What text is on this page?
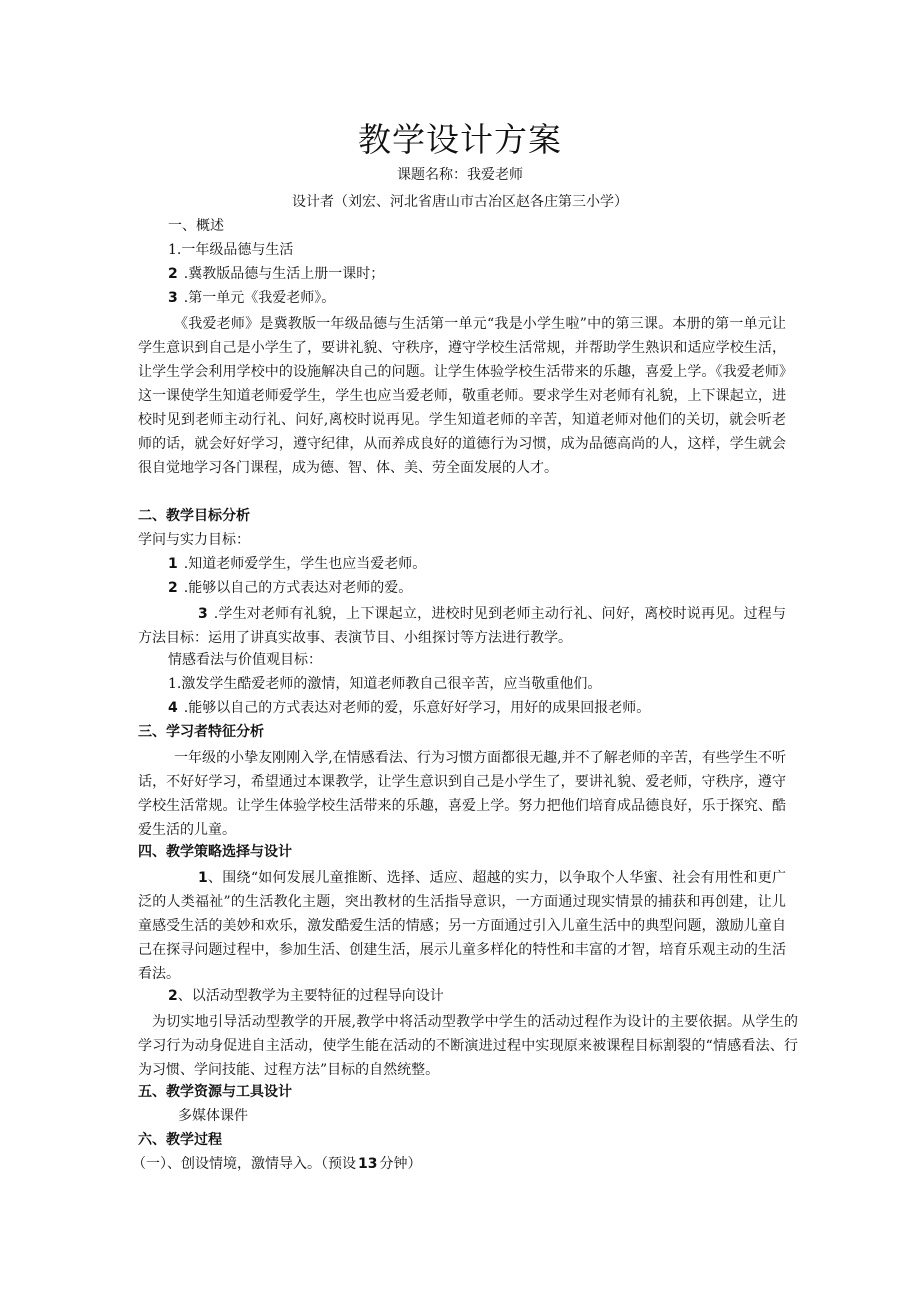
教学设计方案
课题名称：我爱老师
设计者（刘宏、河北省唐山市古冶区赵各庄第三小学）
一、概述
1.一年级品德与生活
2 .冀教版品德与生活上册一课时；
3 .第一单元《我爱老师》。
《我爱老师》是冀教版一年级品德与生活第一单元“我是小学生啦”中的第三课。本册的第一单元让学生意识到自己是小学生了，要讲礼貌、守秩序，遵守学校生活常规，并帮助学生熟识和适应学校生活，让学生学会利用学校中的设施解决自己的问题。让学生体验学校生活带来的乐趣，喜爱上学。《我爱老师》这一课使学生知道老师爱学生，学生也应当爱老师，敬重老师。要求学生对老师有礼貌，上下课起立，进校时见到老师主动行礼、问好,离校时说再见。学生知道老师的辛苦，知道老师对他们的关切，就会听老师的话，就会好好学习，遵守纪律，从而养成良好的道德行为习惯，成为品德高尚的人，这样，学生就会很自觉地学习各门课程，成为德、智、体、美、劳全面发展的人才。
二、教学目标分析
学问与实力目标：
1 .知道老师爱学生，学生也应当爱老师。
2 .能够以自己的方式表达对老师的爱。
3 .学生对老师有礼貌，上下课起立，进校时见到老师主动行礼、问好，离校时说再见。过程与方法目标：运用了讲真实故事、表演节目、小组探讨等方法进行教学。
情感看法与价值观目标：
1.激发学生酷爱老师的激情，知道老师教自己很辛苦，应当敬重他们。
4 .能够以自己的方式表达对老师的爱，乐意好好学习，用好的成果回报老师。
三、学习者特征分析
一年级的小挚友刚刚入学,在情感看法、行为习惯方面都很无趣,并不了解老师的辛苦，有些学生不听话，不好好学习，希望通过本课教学，让学生意识到自己是小学生了，要讲礼貌、爱老师，守秩序，遵守学校生活常规。让学生体验学校生活带来的乐趣，喜爱上学。努力把他们培育成品德良好，乐于探究、酷爱生活的儿童。
四、教学策略选择与设计
1、围绕“如何发展儿童推断、选择、适应、超越的实力，以争取个人华蜜、社会有用性和更广泛的人类福祉”的生活教化主题，突出教材的生活指导意识，一方面通过现实情景的捕获和再创建，让儿童感受生活的美妙和欢乐，激发酷爱生活的情感；另一方面通过引入儿童生活中的典型问题，激励儿童自己在探寻问题过程中，参加生活、创建生活，展示儿童多样化的特性和丰富的才智，培育乐观主动的生活看法。
2、以活动型教学为主要特征的过程导向设计
为切实地引导活动型教学的开展,教学中将活动型教学中学生的活动过程作为设计的主要依据。从学生的学习行为动身促进自主活动，使学生能在活动的不断演进过程中实现原来被课程目标割裂的“情感看法、行为习惯、学问技能、过程方法”目标的自然统整。
五、教学资源与工具设计
多媒体课件
六、教学过程
（一）、创设情境，激情导入。（预设 13 分钟）
